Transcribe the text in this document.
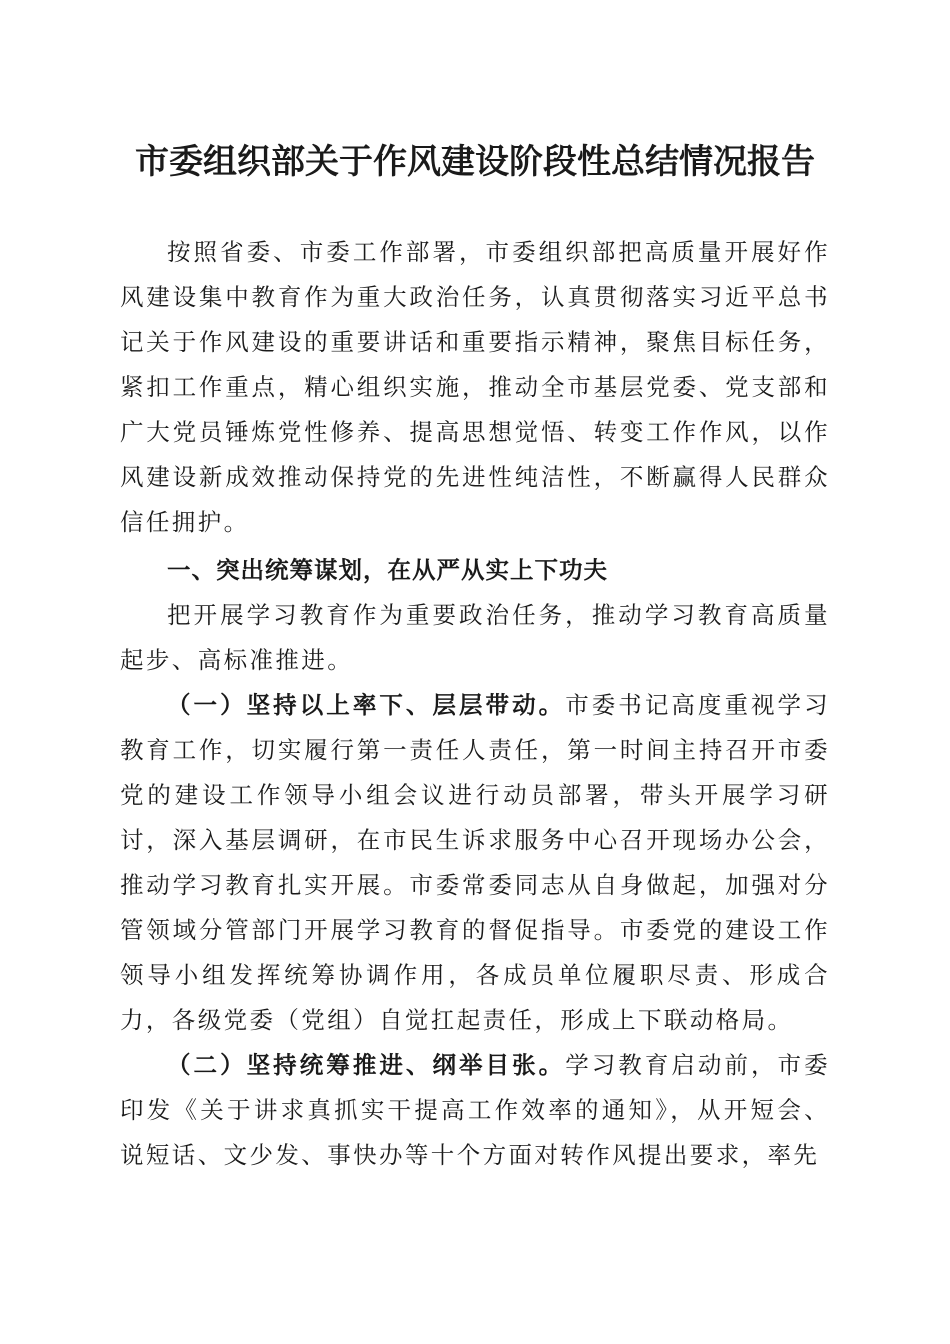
市委组织部关于作风建设阶段性总结情况报告

按照省委、市委工作部署，市委组织部把高质量开展好作风建设集中教育作为重大政治任务，认真贯彻落实习近平总书记关于作风建设的重要讲话和重要指示精神，聚焦目标任务，紧扣工作重点，精心组织实施，推动全市基层党委、党支部和广大党员锤炼党性修养、提高思想觉悟、转变工作作风，以作风建设新成效推动保持党的先进性纯洁性，不断赢得人民群众信任拥护。

一、突出统筹谋划，在从严从实上下功夫

把开展学习教育作为重要政治任务，推动学习教育高质量起步、高标准推进。

（一）坚持以上率下、层层带动。市委书记高度重视学习教育工作，切实履行第一责任人责任，第一时间主持召开市委党的建设工作领导小组会议进行动员部署，带头开展学习研讨，深入基层调研，在市民生诉求服务中心召开现场办公会，推动学习教育扎实开展。市委常委同志从自身做起，加强对分管领域分管部门开展学习教育的督促指导。市委党的建设工作领导小组发挥统筹协调作用，各成员单位履职尽责、形成合力，各级党委（党组）自觉扛起责任，形成上下联动格局。

（二）坚持统筹推进、纲举目张。学习教育启动前，市委印发《关于讲求真抓实干提高工作效率的通知》，从开短会、说短话、文少发、事快办等十个方面对转作风提出要求，率先
